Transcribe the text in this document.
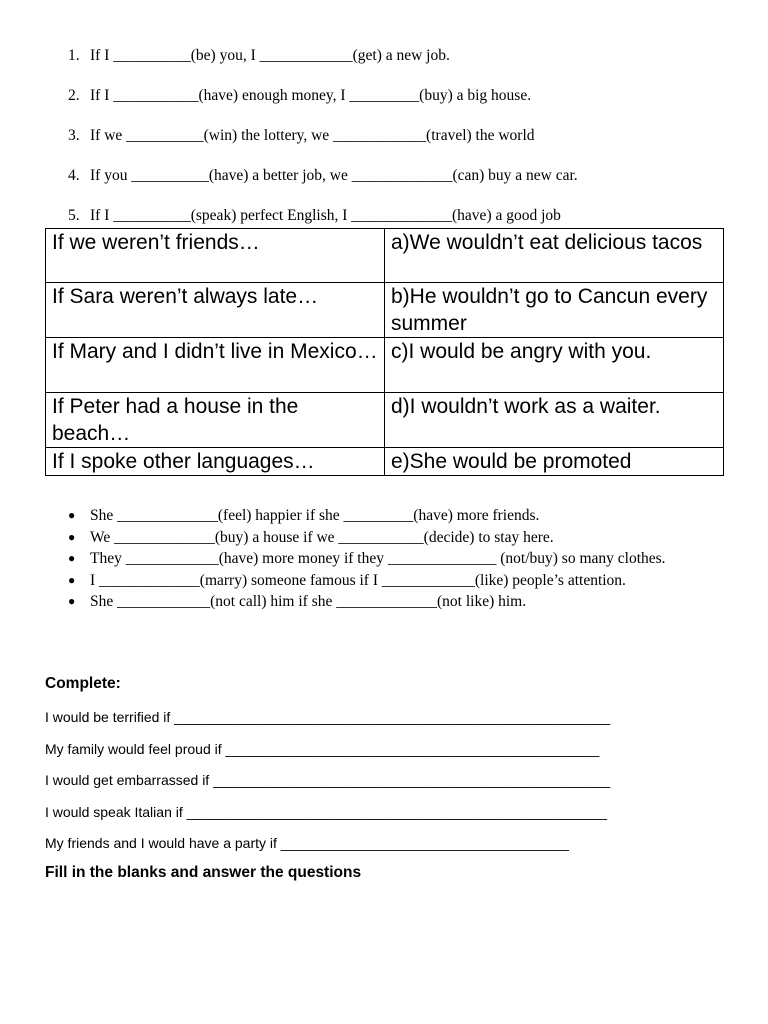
1. If I __________(be) you, I ____________(get) a new job.
2. If I ___________(have) enough money, I _________(buy) a big house.
3. If we __________(win) the lottery, we ____________(travel) the world
4. If you __________(have) a better job, we _____________(can) buy a new car.
5. If I __________(speak) perfect English, I _____________(have) a good job
If we weren’t friends…	a)We wouldn’t eat delicious tacos
If Sara weren’t always late…	b)He wouldn’t go to Cancun every summer
If Mary and I didn’t live in Mexico…	c)I would be angry with you.
If Peter had a house in the beach…	d)I wouldn’t work as a waiter.
If I spoke other languages…	e)She would be promoted
● She _____________(feel) happier if she _________(have) more friends.
● We _____________(buy) a house if we ___________(decide) to stay here.
● They ____________(have) more money if they ______________ (not/buy) so many clothes.
● I _____________(marry) someone famous if I ____________(like) people’s attention.
● She ____________(not call) him if she _____________(not like) him.
Complete:
I would be terrified if ________________________________________________________
My family would feel proud if ________________________________________________
I would get embarrassed if ___________________________________________________
I would speak Italian if ______________________________________________________
My friends and I would have a party if _____________________________________
Fill in the blanks and answer the questions
